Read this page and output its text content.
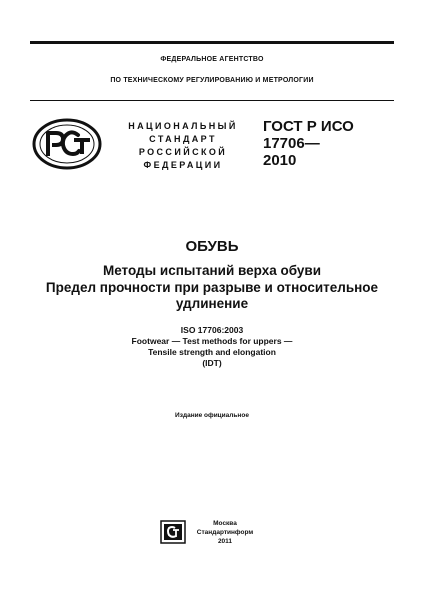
ФЕДЕРАЛЬНОЕ АГЕНТСТВО
ПО ТЕХНИЧЕСКОМУ РЕГУЛИРОВАНИЮ И МЕТРОЛОГИИ
НАЦИОНАЛЬНЫЙ
СТАНДАРТ
РОССИЙСКОЙ
ФЕДЕРАЦИИ
ГОСТ Р ИСО
17706—
2010
ОБУВЬ
Методы испытаний верха обуви
Предел прочности при разрыве и относительное
удлинение
ISO 17706:2003
Footwear — Test methods for uppers —
Tensile strength and elongation
(IDT)
Издание официальное
Москва
Стандартинформ
2011
